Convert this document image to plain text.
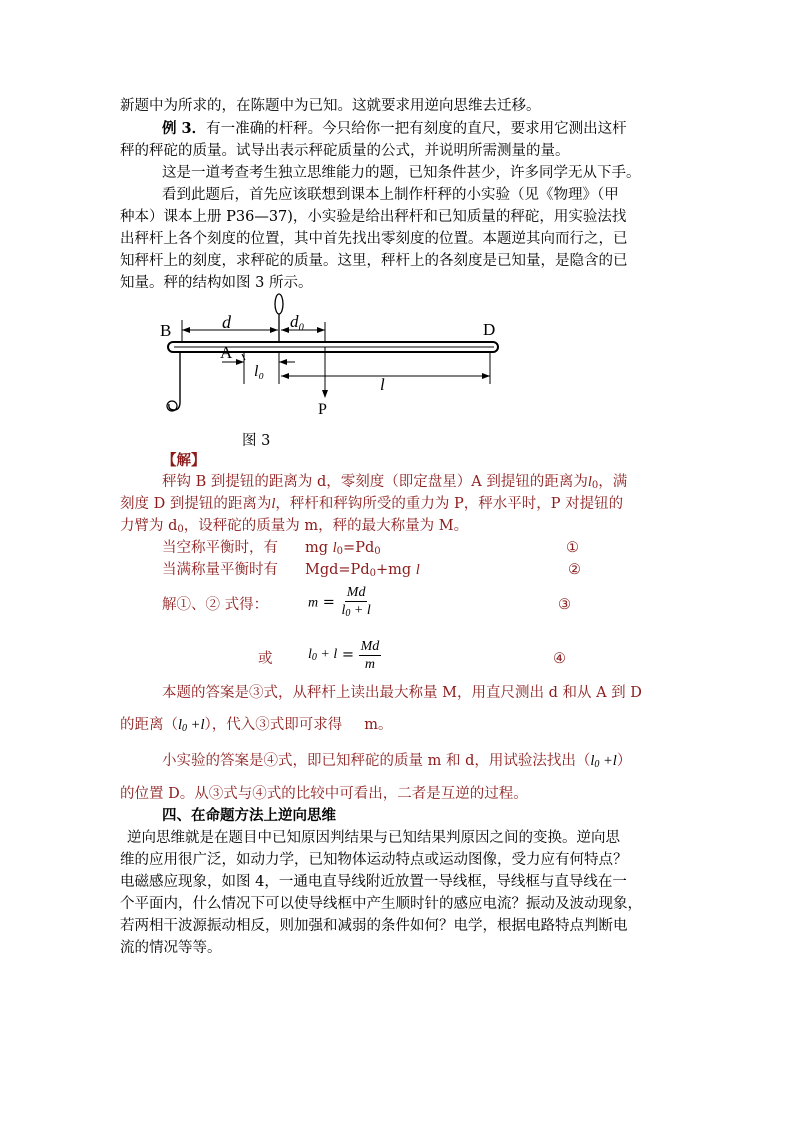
新题中为所求的，在陈题中为已知。这就要求用逆向思维去迁移。
例 3．有一准确的杆秤。今只给你一把有刻度的直尺，要求用它测出这杆
秤的秤砣的质量。试导出表示秤砣质量的公式，并说明所需测量的量。
这是一道考查考生独立思维能力的题，已知条件甚少，许多同学无从下手。
看到此题后，首先应该联想到课本上制作杆秤的小实验（见《物理》（甲
种本）课本上册 P36—37)，小实验是给出秤杆和已知质量的秤砣，用实验法找
出秤杆上各个刻度的位置，其中首先找出零刻度的位置。本题逆其向而行之，已
知秤杆上的刻度，求秤砣的质量。这里，秤杆上的各刻度是已知量，是隐含的已
知量。秤的结构如图 3 所示。
B	d	d₀	D
A
l₀
l
P
图 3
【解】
秤钩 B 到提钮的距离为 d，零刻度（即定盘星）A 到提钮的距离为$l_0$，满
刻度 D 到提钮的距离为l，秤杆和秤钩所受的重力为 P，秤水平时，P 对提钮的
力臂为 $d_0$，设秤砣的质量为 m，秤的最大称量为 M。
当空称平衡时，有 mg $l_0=Pd_0$	①
当满称量平衡时有 $Mgd=Pd_0+mg$ l	②
解①、② 式得：	$m = \frac{Md}{l_0 + l}$	③
或	$l_0 + l = \frac{Md}{m}$	④
本题的答案是③式，从秤杆上读出最大称量 M，用直尺测出 d 和从 A 到 D
的距离$(l_0 +l)$，代入③式即可求得 m。
小实验的答案是④式，即已知秤砣的质量 m 和 d，用试验法找出$(l_0 +l)$
的位置 D。从③式与④式的比较中可看出，二者是互逆的过程。
四、在命题方法上逆向思维
逆向思维就是在题目中已知原因判结果与已知结果判原因之间的变换。逆向思
维的应用很广泛，如动力学，已知物体运动特点或运动图像，受力应有何特点？
电磁感应现象，如图 4，一通电直导线附近放置一导线框，导线框与直导线在一
个平面内，什么情况下可以使导线框中产生顺时针的感应电流？振动及波动现象，
若两相干波源振动相反，则加强和减弱的条件如何？电学，根据电路特点判断电
流的情况等等。
